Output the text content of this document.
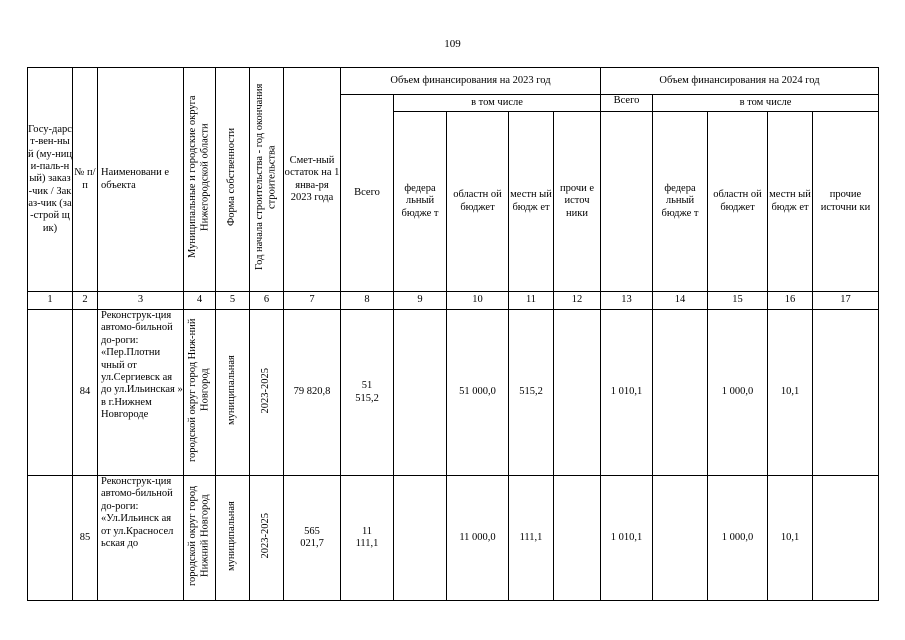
109
Госу-дарст-вен-ный (му-ници-паль-ный) заказ-чик / Заказ-чик (за-строй щик)	№ п/п	Наименовани е объекта	Муниципальные и городские округа Нижегородской области	Форма собственности	Год начала строительства - год окончания строительства	Смет-ный остаток на 1 янва-ря 2023 года	Объем финансирования на 2023 год					Объем финансирования на 2024 год				
							Всего	в том числе				Всего	в том числе			
								федера льный бюдже т	областн ой бюджет	местн ый бюдж ет	прочи е источ ники		федера льный бюдже т	областн ой бюджет	местн ый бюдж ет	прочие источни ки
1	2	3	4	5	6	7	8	9	10	11	12	13	14	15	16	17
	84	Реконструк-ция автомо-бильной до-роги: «Пер.Плотни чный от ул.Сергиевск ая до ул.Ильинская » в г.Нижнем Новгороде	городской округ город Ниж-ний Новгород	муниципальная	2023-2025	79 820,8	51 515,2		51 000,0	515,2		1 010,1		1 000,0	10,1	
	85	Реконструк-ция автомо-бильной до-роги: «Ул.Ильинск ая от ул.Красносел ьская до	городской округ город Нижний Новгород	муниципальная	2023-2025	565 021,7	11 111,1		11 000,0	111,1		1 010,1		1 000,0	10,1	
